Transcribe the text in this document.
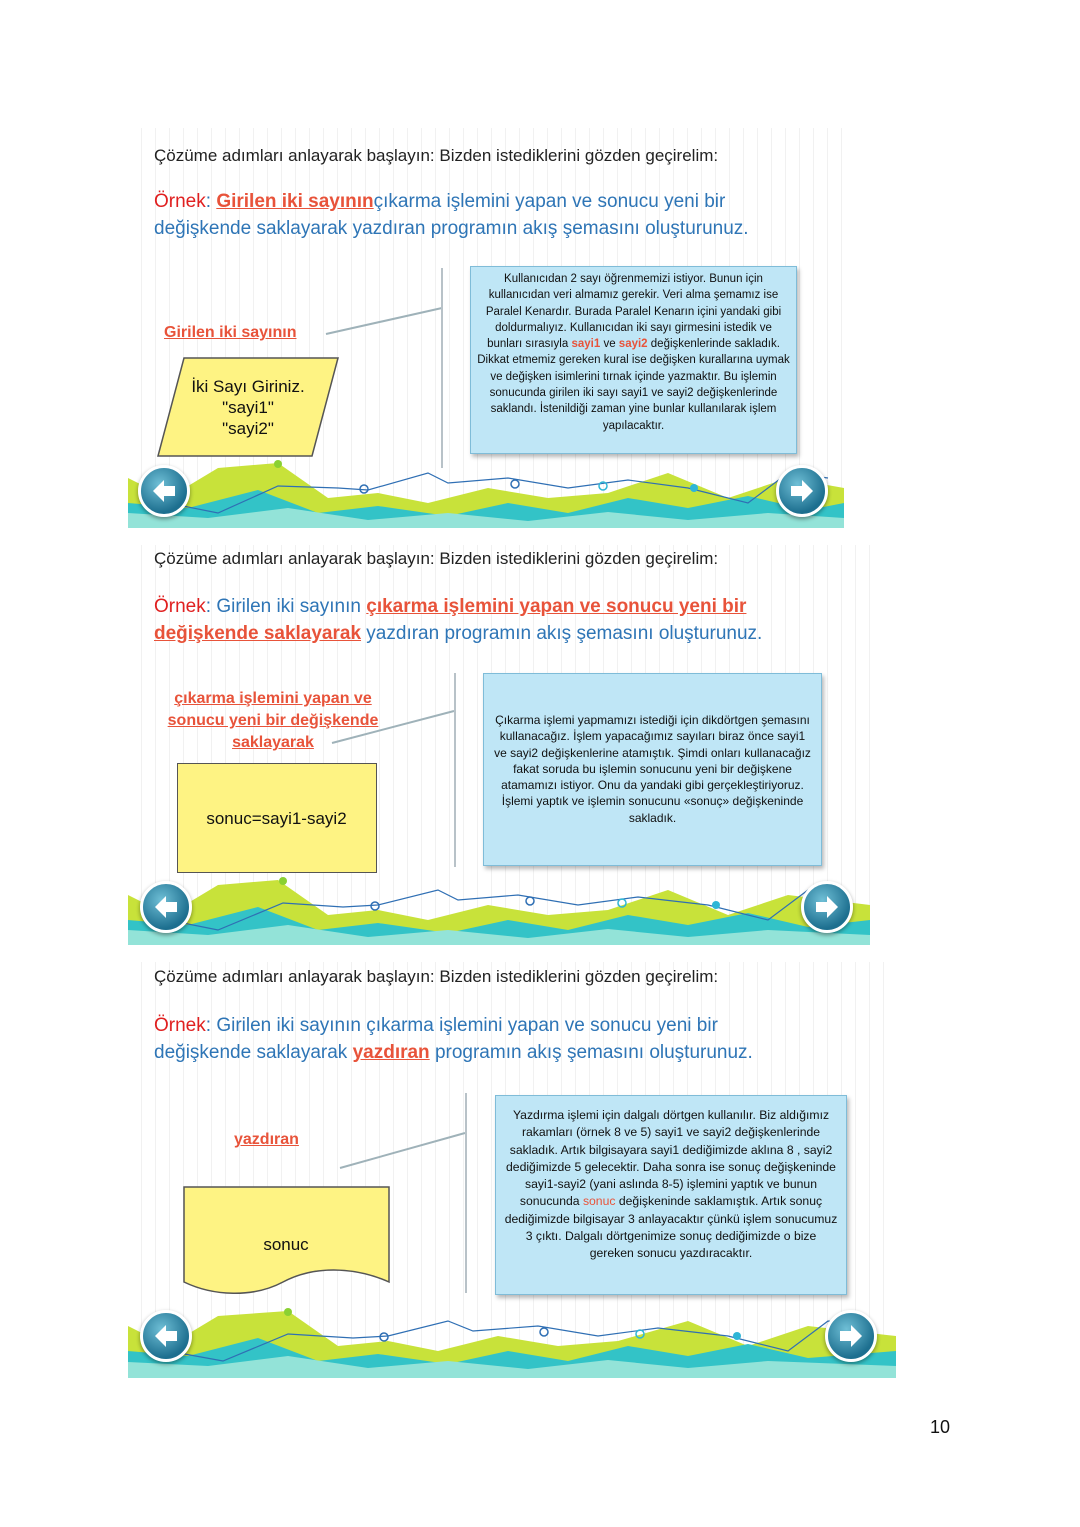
Çözüme adımları anlayarak başlayın: Bizden istediklerini gözden geçirelim:
Örnek: Girilen iki sayınınçıkarma işlemini yapan ve sonucu yeni bir
değişkende saklayarak yazdıran programın akış şemasını oluşturunuz.
Girilen iki sayının
İki Sayı Giriniz.
"sayi1"
"sayi2"
Kullanıcıdan 2 sayı öğrenmemizi istiyor. Bunun için kullanıcıdan veri almamız gerekir. Veri alma şemamız ise Paralel Kenardır. Burada Paralel Kenarın içini yandaki gibi doldurmalıyız. Kullanıcıdan iki sayı girmesini istedik ve bunları sırasıyla sayi1 ve sayi2 değişkenlerinde sakladık. Dikkat etmemiz gereken kural ise değişken kurallarına uymak ve değişken isimlerini tırnak içinde yazmaktır. Bu işlemin sonucunda girilen iki sayı sayi1 ve sayi2 değişkenlerinde saklandı. İstenildiği zaman yine bunlar kullanılarak işlem yapılacaktır.
Çözüme adımları anlayarak başlayın: Bizden istediklerini gözden geçirelim:
Örnek: Girilen iki sayının çıkarma işlemini yapan ve sonucu yeni bir
değişkende saklayarak yazdıran programın akış şemasını oluşturunuz.
çıkarma işlemini yapan ve
sonucu yeni bir değişkende
saklayarak
sonuc=sayi1-sayi2
Çıkarma işlemi yapmamızı istediği için dikdörtgen şemasını kullanacağız. İşlem yapacağımız sayıları biraz önce sayi1 ve sayi2 değişkenlerine atamıştık. Şimdi onları kullanacağız fakat soruda bu işlemin sonucunu yeni bir değişkene atamamızı istiyor. Onu da yandaki gibi gerçekleştiriyoruz. İşlemi yaptık ve işlemin sonucunu «sonuç» değişkeninde sakladık.
Çözüme adımları anlayarak başlayın: Bizden istediklerini gözden geçirelim:
Örnek: Girilen iki sayının çıkarma işlemini yapan ve sonucu yeni bir
değişkende saklayarak yazdıran programın akış şemasını oluşturunuz.
yazdıran
sonuc
Yazdırma işlemi için dalgalı dörtgen kullanılır. Biz aldığımız rakamları (örnek 8 ve 5) sayi1 ve sayi2 değişkenlerinde sakladık. Artık bilgisayara sayi1 dediğimizde aklına 8 , sayi2 dediğimizde 5 gelecektir. Daha sonra ise sonuç değişkeninde sayi1-sayi2 (yani aslında 8-5) işlemini yaptık ve bunun sonucunda sonuc değişkeninde saklamıştık. Artık sonuç dediğimizde bilgisayar 3 anlayacaktır çünkü işlem sonucumuz 3 çıktı. Dalgalı dörtgenimize sonuç dediğimizde o bize gereken sonucu yazdıracaktır.
10
